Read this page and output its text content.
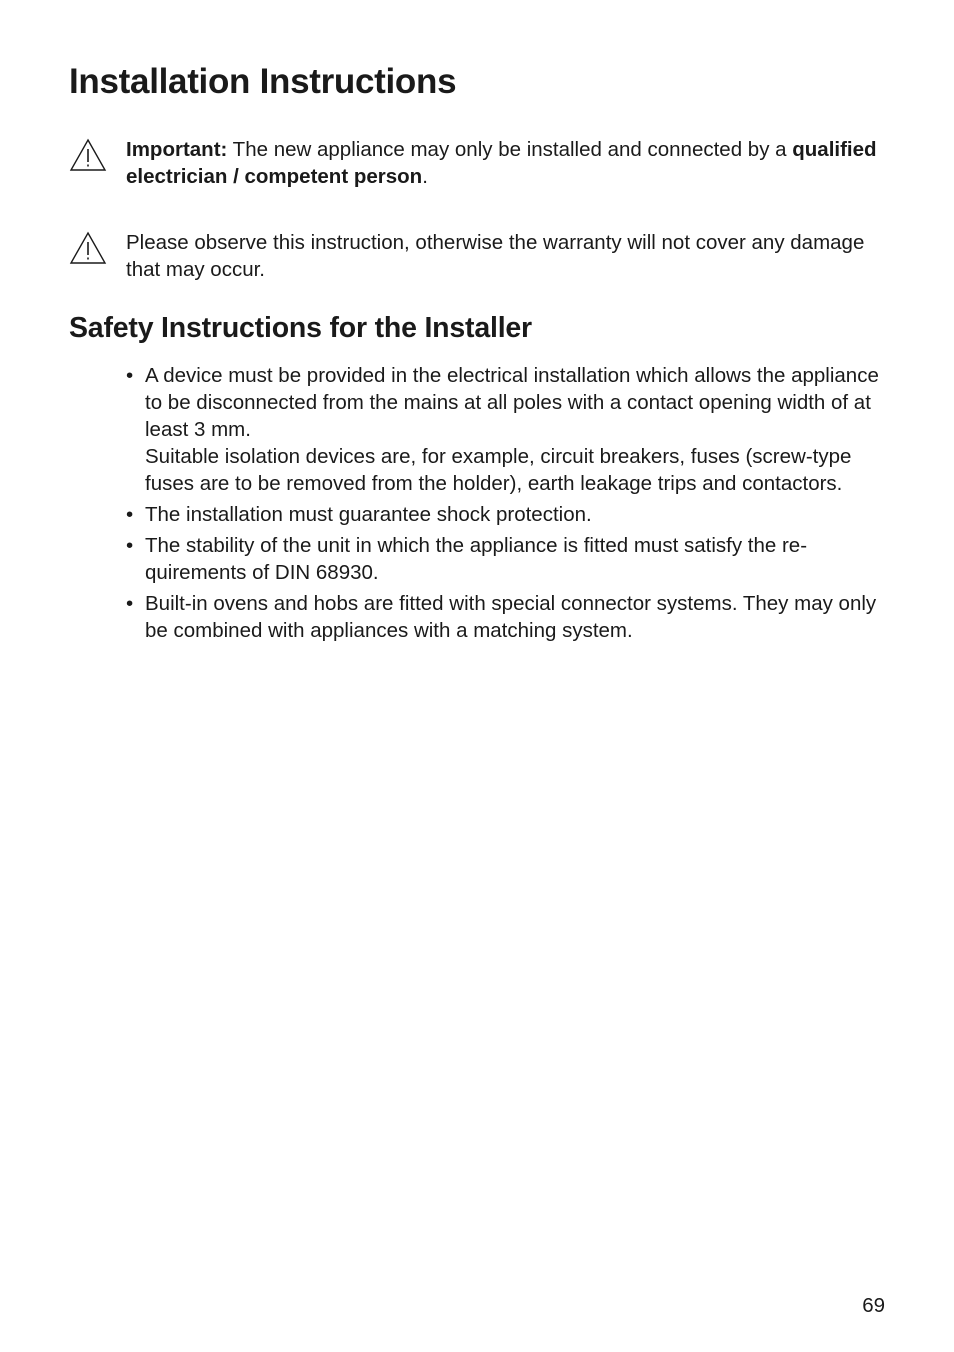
Installation Instructions
Important: The new appliance may only be installed and connected by a qualified electrician / competent person.
Please observe this instruction, otherwise the warranty will not cover any damage that may occur.
Safety Instructions for the Installer
• A device must be provided in the electrical installation which allows the appliance to be disconnected from the mains at all poles with a contact opening width of at least 3 mm.
Suitable isolation devices are, for example, circuit breakers, fuses (screw-type fuses are to be removed from the holder), earth leakage trips and contactors.
• The installation must guarantee shock protection.
• The stability of the unit in which the appliance is fitted must satisfy the re-quirements of DIN 68930.
• Built-in ovens and hobs are fitted with special connector systems. They may only be combined with appliances with a matching system.
69
